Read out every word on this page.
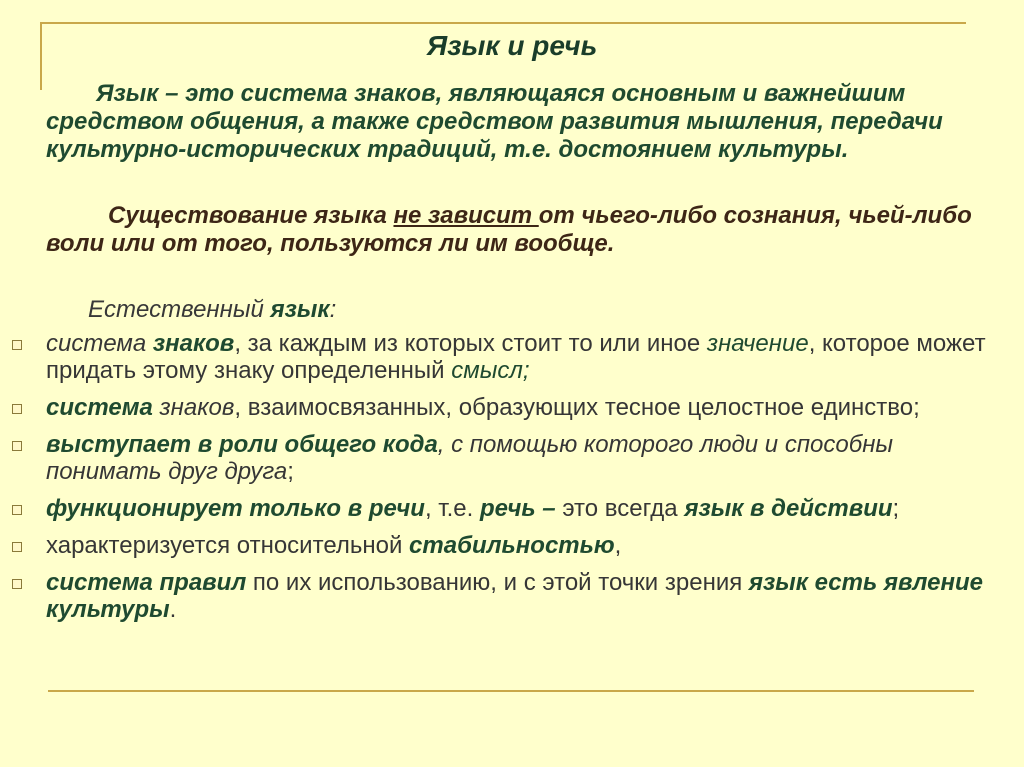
Язык и речь
Язык – это система знаков, являющаяся основным и важнейшим средством общения, а также средством развития мышления, передачи культурно-исторических традиций, т.е. достоянием культуры.
Существование языка не зависит от чьего-либо сознания, чьей-либо воли или от того, пользуются ли им вообще.
Естественный язык:
система знаков, за каждым из которых стоит то или иное значение, которое может придать этому знаку определенный смысл;
система знаков, взаимосвязанных, образующих тесное целостное единство;
выступает в роли общего кода, с помощью которого люди и способны понимать друг друга;
функционирует только в речи, т.е. речь – это всегда язык в действии;
характеризуется относительной стабильностью,
система правил по их использованию, и с этой точки зрения язык есть явление культуры.
